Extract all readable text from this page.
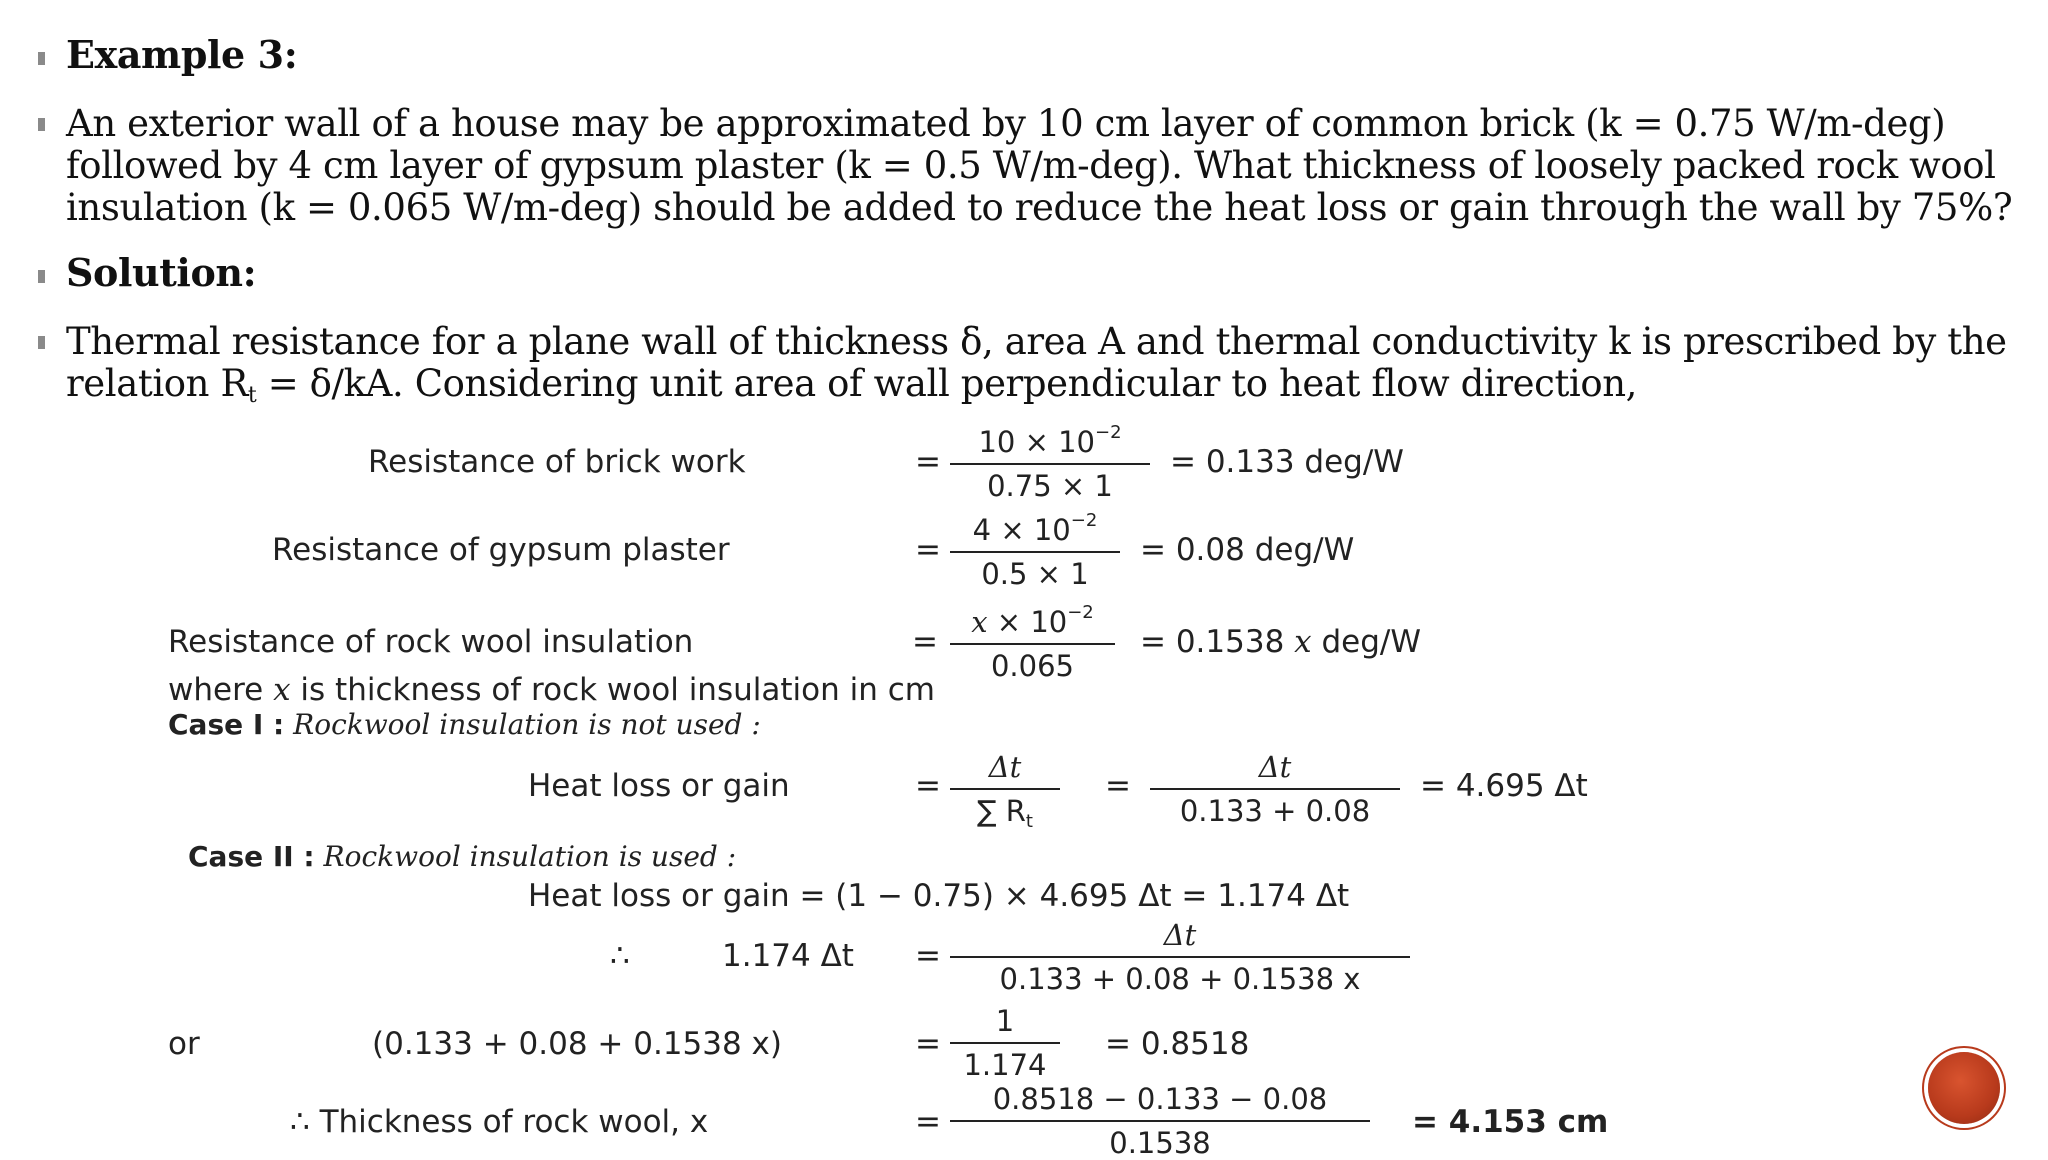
Example 3:
An exterior wall of a house may be approximated by 10 cm layer of common brick (k = 0.75 W/m-deg) followed by 4 cm layer of gypsum plaster (k = 0.5 W/m-deg). What thickness of loosely packed rock wool insulation (k = 0.065 W/m-deg) should be added to reduce the heat loss or gain through the wall by 75%?
Solution:
Thermal resistance for a plane wall of thickness δ, area A and thermal conductivity k is prescribed by the relation $R_t = \delta/kA$. Considering unit area of wall perpendicular to heat flow direction,
Resistance of brick work	= $\frac{10 \times 10^{-2}}{0.75 \times 1} = 0.133$ deg/W
Resistance of gypsum plaster	= $\frac{4 \times 10^{-2}}{0.5 \times 1} = 0.08$ deg/W
Resistance of rock wool insulation	= $\frac{x \times 10^{-2}}{0.065} = 0.1538$ x deg/W
where x is thickness of rock wool insulation in cm
Case I : Rockwool insulation is not used :
Heat loss or gain	= $\frac{\Delta t}{\sum R_t} = \frac{\Delta t}{0.133 + 0.08} = 4.695$ Δt
Case II : Rockwool insulation is used :
Heat loss or gain = (1 − 0.75) × 4.695 Δt = 1.174 Δt
∴	1.174 $\Delta t = \frac{\Delta t}{0.133 + 0.08 + 0.1538 x}$
or	(0.133 + 0.08 + 0.1538 x)	= $\frac{1}{1.174} = 0.8518$
∴ Thickness of rock wool, x	= $\frac{0.8518 - 0.133 - 0.08}{0.1538} = 4.153$ cm
